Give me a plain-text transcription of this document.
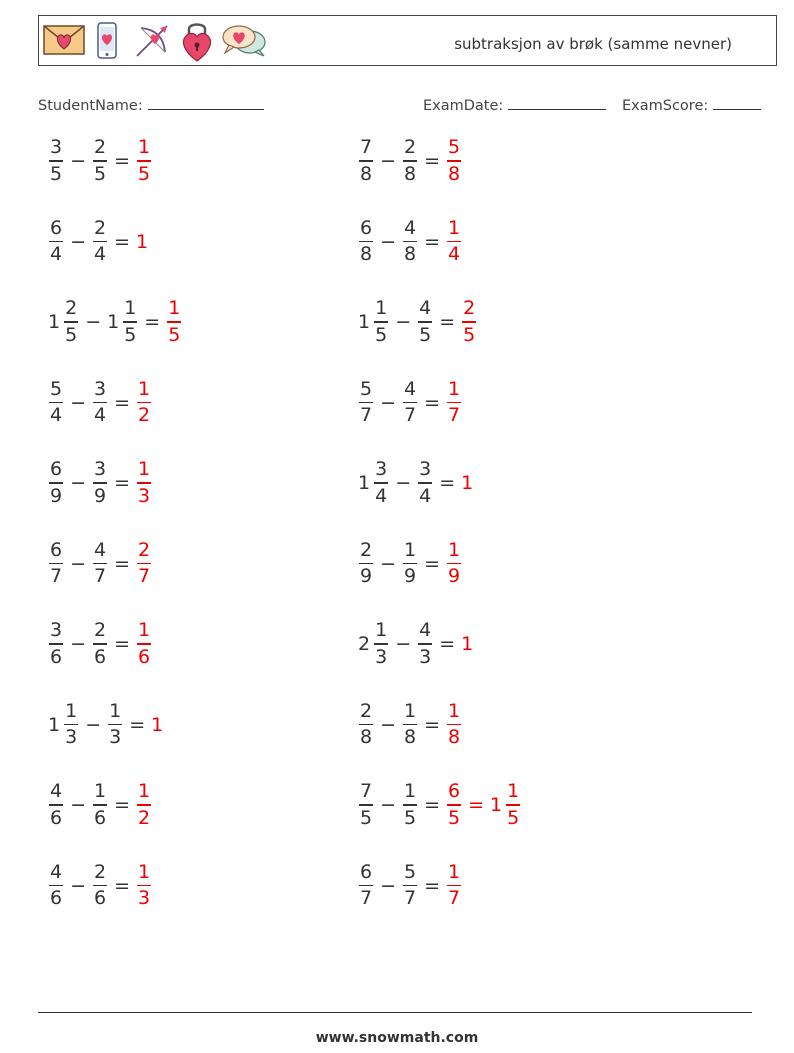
subtraksjon av brøk (samme nevner)
StudentName:	ExamDate:	ExamScore:
$\frac{3}{5} - \frac{2}{5} = \frac{1}{5}$
$\frac{6}{4} - \frac{2}{4} = 1$
$1 \frac{2}{5} - 1 \frac{1}{5} = \frac{1}{5}$
$\frac{5}{4} - \frac{3}{4} = \frac{1}{2}$
$\frac{6}{9} - \frac{3}{9} = \frac{1}{3}$
$\frac{6}{7} - \frac{4}{7} = \frac{2}{7}$
$\frac{3}{6} - \frac{2}{6} = \frac{1}{6}$
$1 \frac{1}{3} - \frac{1}{3} = 1$
$\frac{4}{6} - \frac{1}{6} = \frac{1}{2}$
$\frac{4}{6} - \frac{2}{6} = \frac{1}{3}$
$\frac{7}{8} - \frac{2}{8} = \frac{5}{8}$
$\frac{6}{8} - \frac{4}{8} = \frac{1}{4}$
$1 \frac{1}{5} - \frac{4}{5} = \frac{2}{5}$
$\frac{5}{7} - \frac{4}{7} = \frac{1}{7}$
$1 \frac{3}{4} - \frac{3}{4} = 1$
$\frac{2}{9} - \frac{1}{9} = \frac{1}{9}$
$2 \frac{1}{3} - \frac{4}{3} = 1$
$\frac{2}{8} - \frac{1}{8} = \frac{1}{8}$
$\frac{7}{5} - \frac{1}{5} = \frac{6}{5} = 1 \frac{1}{5}$
$\frac{6}{7} - \frac{5}{7} = \frac{1}{7}$
www.snowmath.com
